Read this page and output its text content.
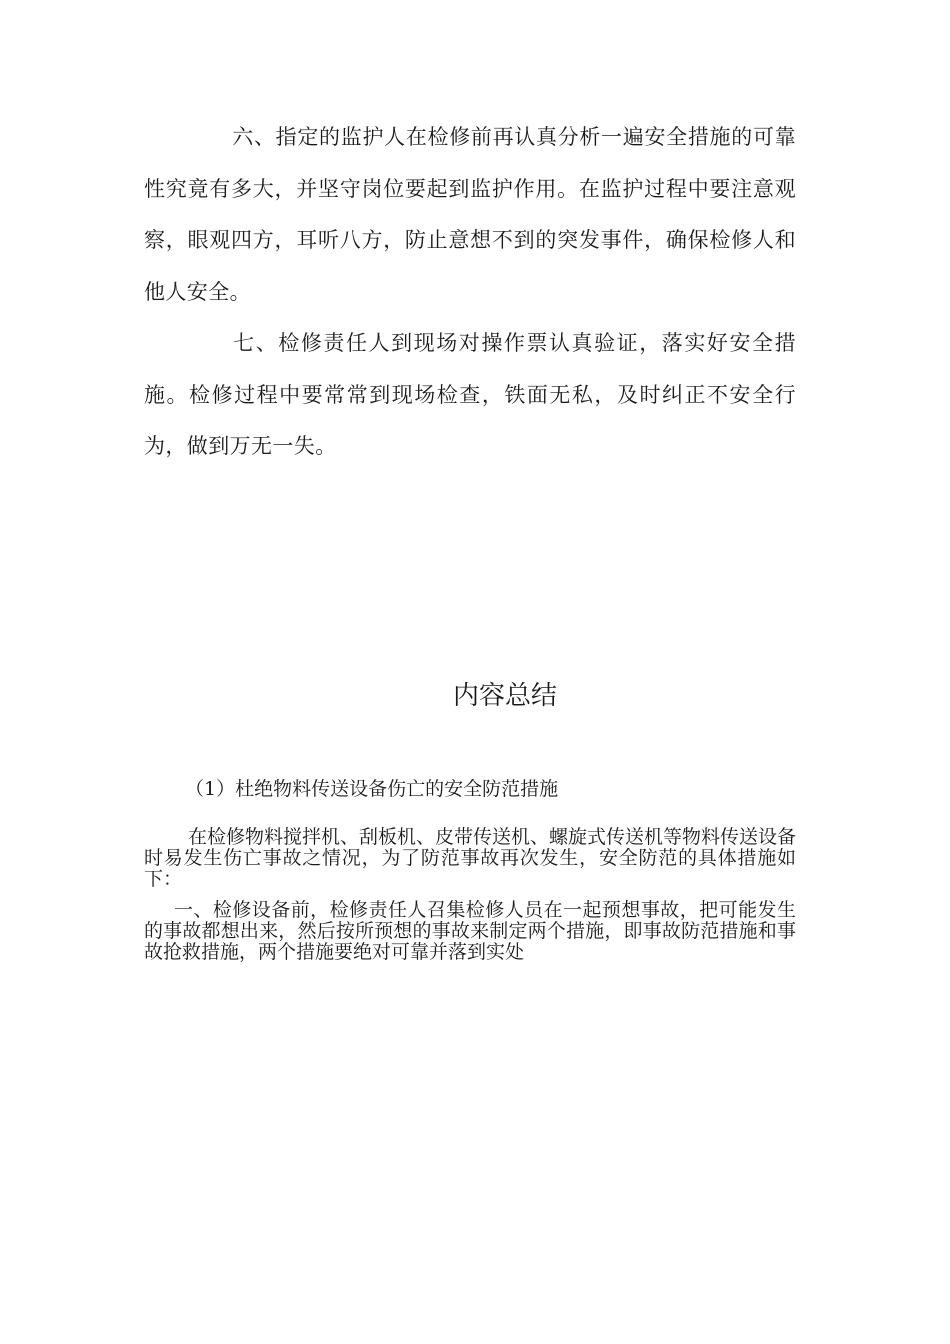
六、指定的监护人在检修前再认真分析一遍安全措施的可靠性究竟有多大，并坚守岗位要起到监护作用。在监护过程中要注意观察，眼观四方，耳听八方，防止意想不到的突发事件，确保检修人和他人安全。

七、检修责任人到现场对操作票认真验证，落实好安全措施。检修过程中要常常到现场检查，铁面无私，及时纠正不安全行为，做到万无一失。

内容总结

（1）杜绝物料传送设备伤亡的安全防范措施

在检修物料搅拌机、刮板机、皮带传送机、螺旋式传送机等物料传送设备时易发生伤亡事故之情况，为了防范事故再次发生，安全防范的具体措施如下：

一、检修设备前，检修责任人召集检修人员在一起预想事故，把可能发生的事故都想出来，然后按所预想的事故来制定两个措施，即事故防范措施和事故抢救措施，两个措施要绝对可靠并落到实处
